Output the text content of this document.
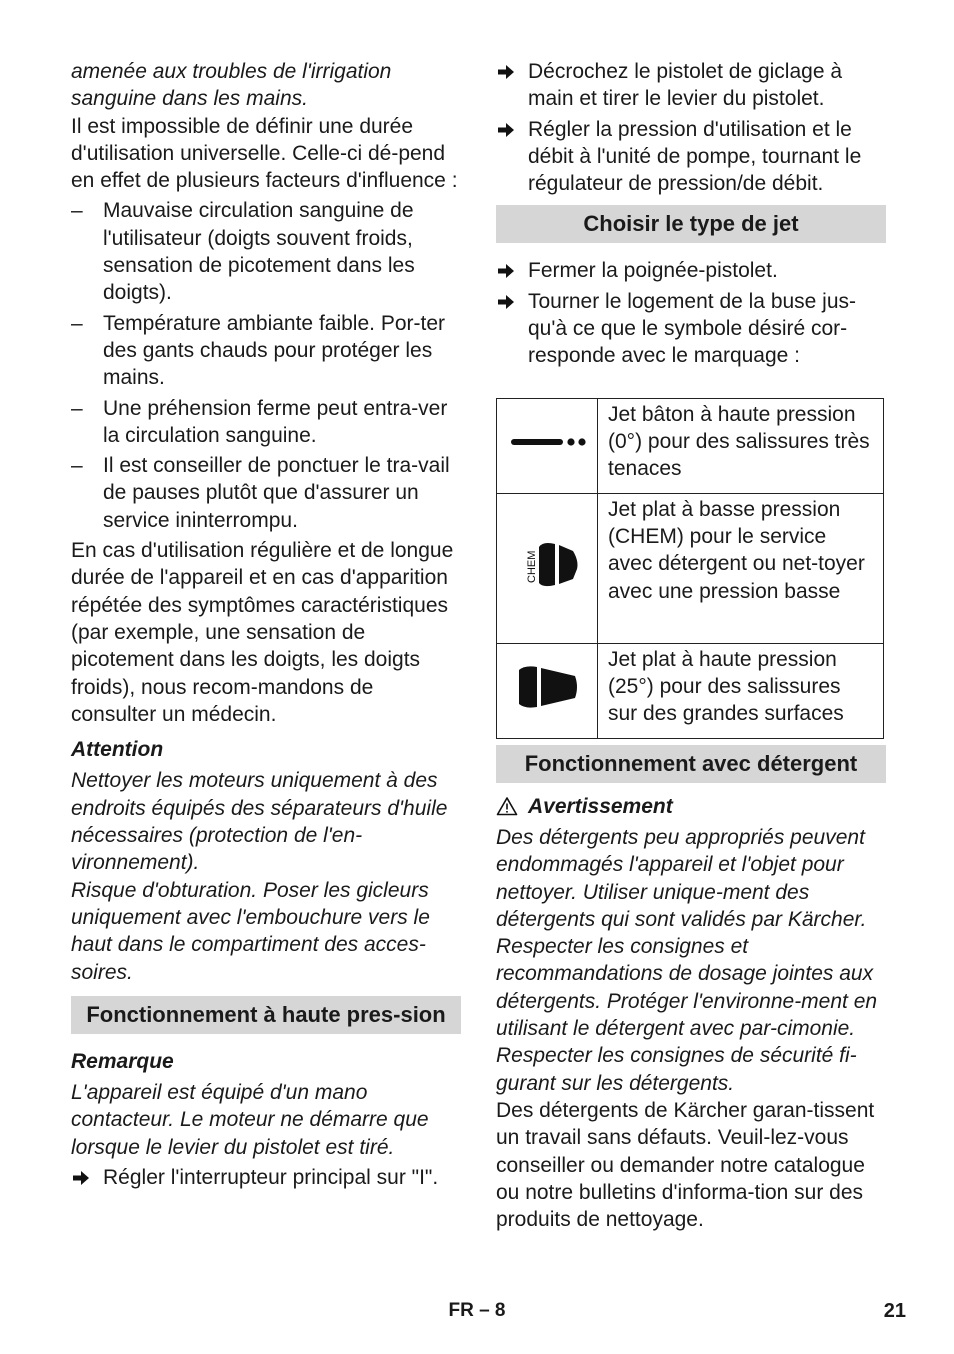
amenée aux troubles de l'irrigation sanguine dans les mains.

Il est impossible de définir une durée d'utilisation universelle. Celle-ci dé-pend en effet de plusieurs facteurs d'influence :

– Mauvaise circulation sanguine de l'utilisateur (doigts souvent froids, sensation de picotement dans les doigts).
– Température ambiante faible. Por-ter des gants chauds pour protéger les mains.
– Une préhension ferme peut entra-ver la circulation sanguine.
– Il est conseiller de ponctuer le tra-vail de pauses plutôt que d'assurer un service ininterrompu.

En cas d'utilisation régulière et de longue durée de l'appareil et en cas d'apparition répétée des symptômes caractéristiques (par exemple, une sensation de picotement dans les doigts, les doigts froids), nous recom-mandons de consulter un médecin.

Attention

Nettoyer les moteurs uniquement à des endroits équipés des séparateurs d'huile nécessaires (protection de l'en-vironnement).

Risque d'obturation. Poser les gicleurs uniquement avec l'embouchure vers le haut dans le compartiment des acces-soires.

Fonctionnement à haute pres-sion

Remarque

L'appareil est équipé d'un mano contacteur. Le moteur ne démarre que lorsque le levier du pistolet est tiré.

Régler l'interrupteur principal sur "I".
Décrochez le pistolet de giclage à main et tirer le levier du pistolet.
Régler la pression d'utilisation et le débit à l'unité de pompe, tournant le régulateur de pression/de débit.
Choisir le type de jet
Fermer la poignée-pistolet.
Tourner le logement de la buse jus-qu'à ce que le symbole désiré cor-responde avec le marquage :
	Jet bâton à haute pression (0°) pour des salissures très tenaces

CHEM	Jet plat à basse pression (CHEM) pour le service avec détergent ou net-toyer avec une pression basse
	Jet plat à haute pression (25°) pour des salissures sur des grandes surfaces
Fonctionnement avec détergent
Avertissement

Des détergents peu appropriés peuvent endommagés l'appareil et l'objet pour nettoyer. Utiliser unique-ment des détergents qui sont validés par Kärcher. Respecter les consignes et recommandations de dosage jointes aux détergents. Protéger l'environne-ment en utilisant le détergent avec par-cimonie.

Respecter les consignes de sécurité fi-gurant sur les détergents.

Des détergents de Kärcher garan-tissent un travail sans défauts. Veuil-lez-vous conseiller ou demander notre catalogue ou notre bulletins d'informa-tion sur des produits de nettoyage.

FR – 8	21
